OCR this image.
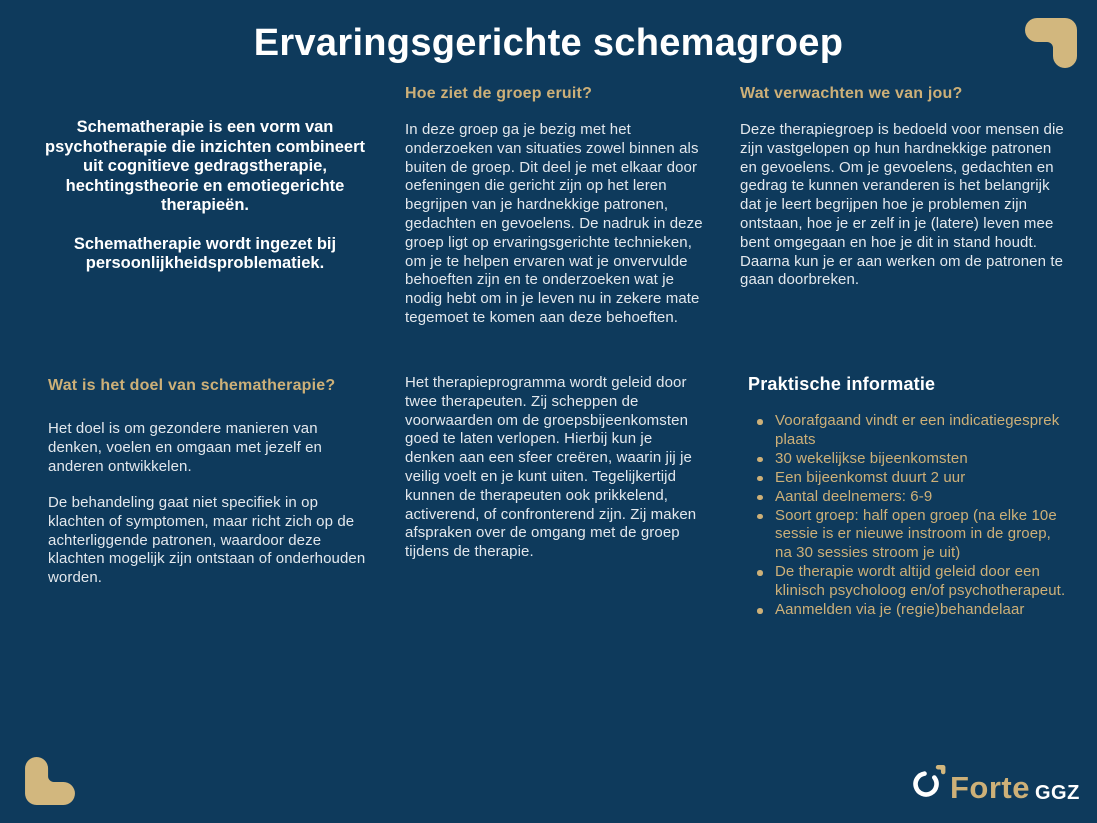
Ervaringsgerichte schemagroep

Schematherapie is een vorm van psychotherapie die inzichten combineert uit cognitieve gedragstherapie, hechtingstheorie en emotiegerichte therapieën.

Schematherapie wordt ingezet bij persoonlijkheidsproblematiek.

Wat is het doel van schematherapie?

Het doel is om gezondere manieren van denken, voelen en omgaan met jezelf en anderen ontwikkelen.

De behandeling gaat niet specifiek in op klachten of symptomen, maar richt zich op de achterliggende patronen, waardoor deze klachten mogelijk zijn ontstaan of onderhouden worden.

Hoe ziet de groep eruit?

In deze groep ga je bezig met het onderzoeken van situaties zowel binnen als buiten de groep. Dit deel je met elkaar door oefeningen die gericht zijn op het leren begrijpen van je hardnekkige patronen, gedachten en gevoelens. De nadruk in deze groep ligt op ervaringsgerichte technieken, om je te helpen ervaren wat je onvervulde behoeften zijn en te onderzoeken wat je nodig hebt om in je leven nu in zekere mate tegemoet te komen aan deze behoeften.

Het therapieprogramma wordt geleid door twee therapeuten. Zij scheppen de voorwaarden om de groepsbijeenkomsten goed te laten verlopen. Hierbij kun je denken aan een sfeer creëren, waarin jij je veilig voelt en je kunt uiten. Tegelijkertijd kunnen de therapeuten ook prikkelend, activerend, of confronterend zijn. Zij maken afspraken over de omgang met de groep tijdens de therapie.

Wat verwachten we van jou?

Deze therapiegroep is bedoeld voor mensen die zijn vastgelopen op hun hardnekkige patronen en gevoelens. Om je gevoelens, gedachten en gedrag te kunnen veranderen is het belangrijk dat je leert begrijpen hoe je problemen zijn ontstaan, hoe je er zelf in je (latere) leven mee bent omgegaan en hoe je dit in stand houdt. Daarna kun je er aan werken om de patronen te gaan doorbreken.

Praktische informatie
Voorafgaand vindt er een indicatiegesprek plaats
30 wekelijkse bijeenkomsten
Een bijeenkomst duurt 2 uur
Aantal deelnemers: 6-9
Soort groep: half open groep (na elke 10e sessie is er nieuwe instroom in de groep, na 30 sessies stroom je uit)
De therapie wordt altijd geleid door een klinisch psycholoog en/of psychotherapeut.
Aanmelden via je (regie)behandelaar
Forte GGZ
